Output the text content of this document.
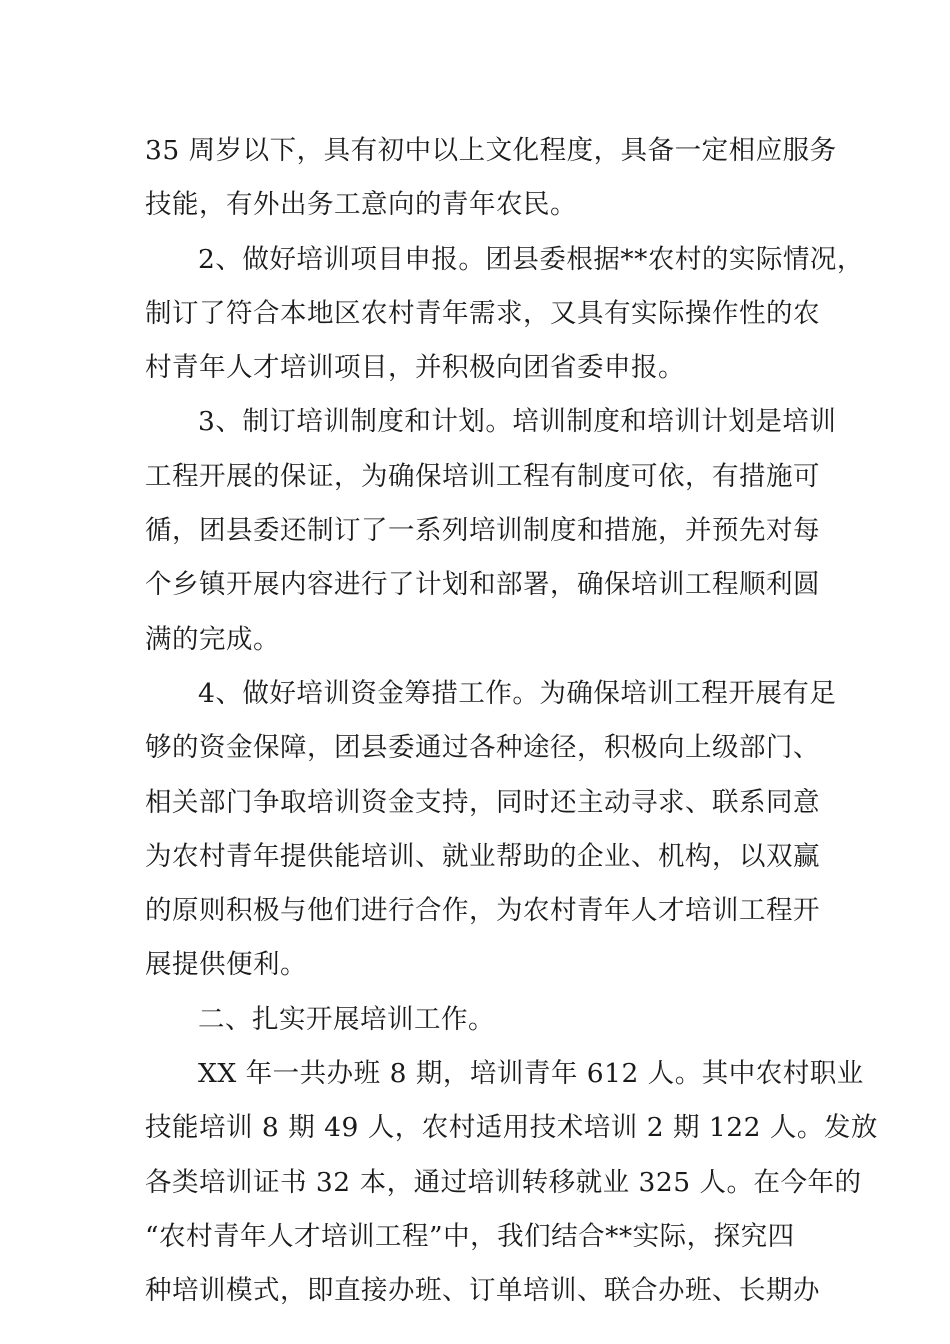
35 周岁以下，具有初中以上文化程度，具备一定相应服务
技能，有外出务工意向的青年农民。
2、做好培训项目申报。团县委根据**农村的实际情况，
制订了符合本地区农村青年需求，又具有实际操作性的农
村青年人才培训项目，并积极向团省委申报。
3、制订培训制度和计划。培训制度和培训计划是培训
工程开展的保证，为确保培训工程有制度可依，有措施可
循，团县委还制订了一系列培训制度和措施，并预先对每
个乡镇开展内容进行了计划和部署，确保培训工程顺利圆
满的完成。
4、做好培训资金筹措工作。为确保培训工程开展有足
够的资金保障，团县委通过各种途径，积极向上级部门、
相关部门争取培训资金支持，同时还主动寻求、联系同意
为农村青年提供能培训、就业帮助的企业、机构，以双赢
的原则积极与他们进行合作，为农村青年人才培训工程开
展提供便利。
二、扎实开展培训工作。
XX 年一共办班 8 期，培训青年 612 人。其中农村职业
技能培训 8 期 49 人，农村适用技术培训 2 期 122 人。发放
各类培训证书 32 本，通过培训转移就业 325 人。在今年的
“农村青年人才培训工程”中，我们结合**实际，探究四
种培训模式，即直接办班、订单培训、联合办班、长期办
